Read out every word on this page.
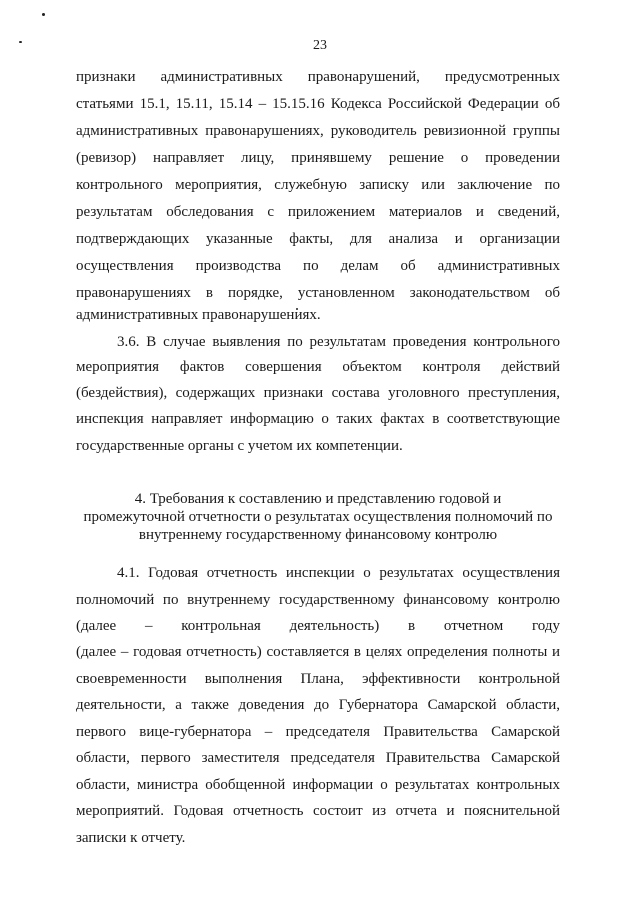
23
признаки административных правонарушений, предусмотренных
статьями 15.1, 15.11, 15.14 – 15.15.16 Кодекса Российской Федерации об
административных правонарушениях, руководитель ревизионной группы
(ревизор) направляет лицу, принявшему решение о проведении
контрольного мероприятия, служебную записку или заключение по
результатам обследования с приложением материалов и сведений,
подтверждающих указанные факты, для анализа и организации
осуществления производства по делам об административных
правонарушениях в порядке, установленном законодательством об
административных правонарушениях.
3.6. В случае выявления по результатам проведения контрольного
мероприятия фактов совершения объектом контроля действий
(бездействия), содержащих признаки состава уголовного преступления,
инспекция направляет информацию о таких фактах в соответствующие
государственные органы с учетом их компетенции.
4. Требования к составлению и представлению годовой и
промежуточной отчетности о результатах осуществления полномочий по
внутреннему государственному финансовому контролю
4.1. Годовая отчетность инспекции о результатах осуществления
полномочий по внутреннему государственному финансовому контролю
(далее – контрольная деятельность) в отчетном году
(далее – годовая отчетность) составляется в целях определения полноты и
своевременности выполнения Плана, эффективности контрольной
деятельности, а также доведения до Губернатора Самарской области,
первого вице-губернатора – председателя Правительства Самарской
области, первого заместителя председателя Правительства Самарской
области, министра обобщенной информации о результатах контрольных
мероприятий. Годовая отчетность состоит из отчета и пояснительной
записки к отчету.
